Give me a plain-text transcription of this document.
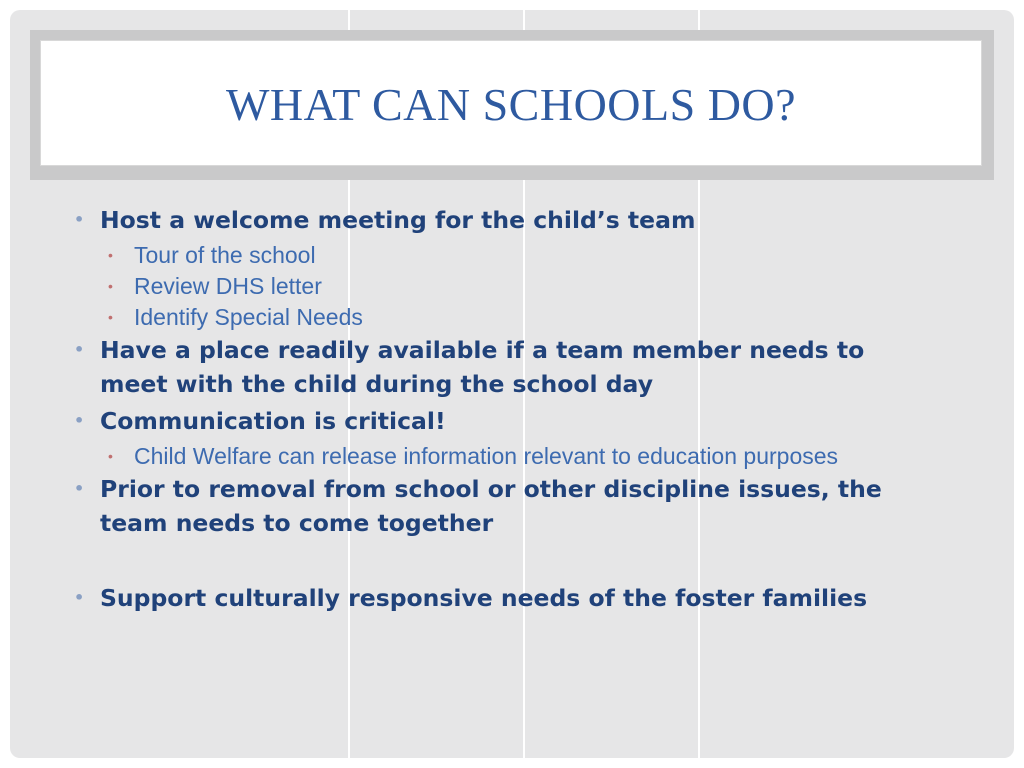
WHAT CAN SCHOOLS DO?
• Host a welcome meeting for the child’s team
• Tour of the school
• Review DHS letter
• Identify Special Needs
• Have a place readily available if a team member needs to meet with the child during the school day
• Communication is critical!
• Child Welfare can release information relevant to education purposes
• Prior to removal from school or other discipline issues, the team needs to come together
• Support culturally responsive needs of the foster families
